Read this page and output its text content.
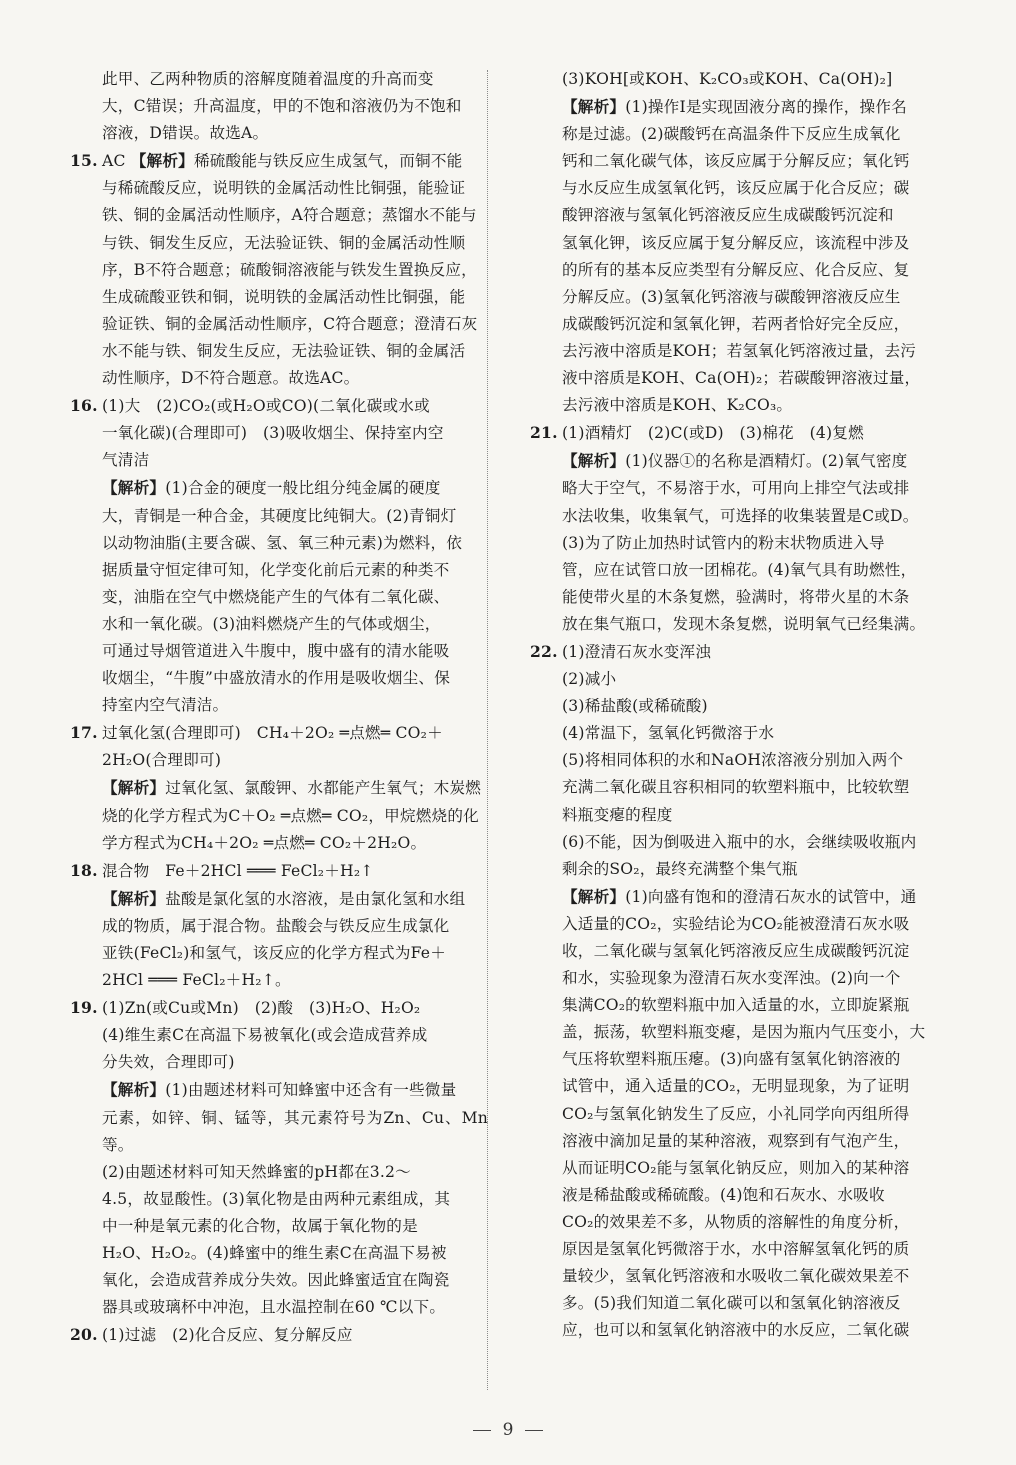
此甲、乙两种物质的溶解度随着温度的升高而变
大，C错误；升高温度，甲的不饱和溶液仍为不饱和
溶液，D错误。故选A。
15. AC 【解析】稀硫酸能与铁反应生成氢气，而铜不能
与稀硫酸反应，说明铁的金属活动性比铜强，能验证
铁、铜的金属活动性顺序，A符合题意；蒸馏水不能与
与铁、铜发生反应，无法验证铁、铜的金属活动性顺
序，B不符合题意；硫酸铜溶液能与铁发生置换反应，
生成硫酸亚铁和铜，说明铁的金属活动性比铜强，能
验证铁、铜的金属活动性顺序，C符合题意；澄清石灰
水不能与铁、铜发生反应，无法验证铁、铜的金属活
动性顺序，D不符合题意。故选AC。
16. (1)大　(2)CO₂(或H₂O或CO)(二氧化碳或水或
一氧化碳)(合理即可)　(3)吸收烟尘、保持室内空
气清洁
【解析】(1)合金的硬度一般比组分纯金属的硬度
大，青铜是一种合金，其硬度比纯铜大。(2)青铜灯
以动物油脂(主要含碳、氢、氧三种元素)为燃料，依
据质量守恒定律可知，化学变化前后元素的种类不
变，油脂在空气中燃烧能产生的气体有二氧化碳、
水和一氧化碳。(3)油料燃烧产生的气体或烟尘，
可通过导烟管道进入牛腹中，腹中盛有的清水能吸
收烟尘，“牛腹”中盛放清水的作用是吸收烟尘、保
持室内空气清洁。
17. 过氧化氢(合理即可)　CH₄＋2O₂ ═点燃═ CO₂＋
2H₂O(合理即可)
【解析】过氧化氢、氯酸钾、水都能产生氧气；木炭燃
烧的化学方程式为C＋O₂ ═点燃═ CO₂，甲烷燃烧的化
学方程式为CH₄＋2O₂ ═点燃═ CO₂＋2H₂O。
18. 混合物　Fe＋2HCl ═══ FeCl₂＋H₂↑
【解析】盐酸是氯化氢的水溶液，是由氯化氢和水组
成的物质，属于混合物。盐酸会与铁反应生成氯化
亚铁(FeCl₂)和氢气，该反应的化学方程式为Fe＋
2HCl ═══ FeCl₂＋H₂↑。
19. (1)Zn(或Cu或Mn)　(2)酸　(3)H₂O、H₂O₂
(4)维生素C在高温下易被氧化(或会造成营养成
分失效，合理即可)
【解析】(1)由题述材料可知蜂蜜中还含有一些微量
元素，如锌、铜、锰等，其元素符号为Zn、Cu、Mn等。
(2)由题述材料可知天然蜂蜜的pH都在3.2～
4.5，故显酸性。(3)氧化物是由两种元素组成，其
中一种是氧元素的化合物，故属于氧化物的是
H₂O、H₂O₂。(4)蜂蜜中的维生素C在高温下易被
氧化，会造成营养成分失效。因此蜂蜜适宜在陶瓷
器具或玻璃杯中冲泡，且水温控制在60 ℃以下。
20. (1)过滤　(2)化合反应、复分解反应
(3)KOH[或KOH、K₂CO₃或KOH、Ca(OH)₂]
【解析】(1)操作Ⅰ是实现固液分离的操作，操作名
称是过滤。(2)碳酸钙在高温条件下反应生成氧化
钙和二氧化碳气体，该反应属于分解反应；氧化钙
与水反应生成氢氧化钙，该反应属于化合反应；碳
酸钾溶液与氢氧化钙溶液反应生成碳酸钙沉淀和
氢氧化钾，该反应属于复分解反应，该流程中涉及
的所有的基本反应类型有分解反应、化合反应、复
分解反应。(3)氢氧化钙溶液与碳酸钾溶液反应生
成碳酸钙沉淀和氢氧化钾，若两者恰好完全反应，
去污液中溶质是KOH；若氢氧化钙溶液过量，去污
液中溶质是KOH、Ca(OH)₂；若碳酸钾溶液过量，
去污液中溶质是KOH、K₂CO₃。
21. (1)酒精灯　(2)C(或D)　(3)棉花　(4)复燃
【解析】(1)仪器①的名称是酒精灯。(2)氧气密度
略大于空气，不易溶于水，可用向上排空气法或排
水法收集，收集氧气，可选择的收集装置是C或D。
(3)为了防止加热时试管内的粉末状物质进入导
管，应在试管口放一团棉花。(4)氧气具有助燃性，
能使带火星的木条复燃，验满时，将带火星的木条
放在集气瓶口，发现木条复燃，说明氧气已经集满。
22. (1)澄清石灰水变浑浊
(2)减小
(3)稀盐酸(或稀硫酸)
(4)常温下，氢氧化钙微溶于水
(5)将相同体积的水和NaOH浓溶液分别加入两个
充满二氧化碳且容积相同的软塑料瓶中，比较软塑
料瓶变瘪的程度
(6)不能，因为倒吸进入瓶中的水，会继续吸收瓶内
剩余的SO₂，最终充满整个集气瓶
【解析】(1)向盛有饱和的澄清石灰水的试管中，通
入适量的CO₂，实验结论为CO₂能被澄清石灰水吸
收，二氧化碳与氢氧化钙溶液反应生成碳酸钙沉淀
和水，实验现象为澄清石灰水变浑浊。(2)向一个
集满CO₂的软塑料瓶中加入适量的水，立即旋紧瓶
盖，振荡，软塑料瓶变瘪，是因为瓶内气压变小，大
气压将软塑料瓶压瘪。(3)向盛有氢氧化钠溶液的
试管中，通入适量的CO₂，无明显现象，为了证明
CO₂与氢氧化钠发生了反应，小礼同学向丙组所得
溶液中滴加足量的某种溶液，观察到有气泡产生，
从而证明CO₂能与氢氧化钠反应，则加入的某种溶
液是稀盐酸或稀硫酸。(4)饱和石灰水、水吸收
CO₂的效果差不多，从物质的溶解性的角度分析，
原因是氢氧化钙微溶于水，水中溶解氢氧化钙的质
量较少，氢氧化钙溶液和水吸收二氧化碳效果差不
多。(5)我们知道二氧化碳可以和氢氧化钠溶液反
应，也可以和氢氧化钠溶液中的水反应，二氧化碳
9
